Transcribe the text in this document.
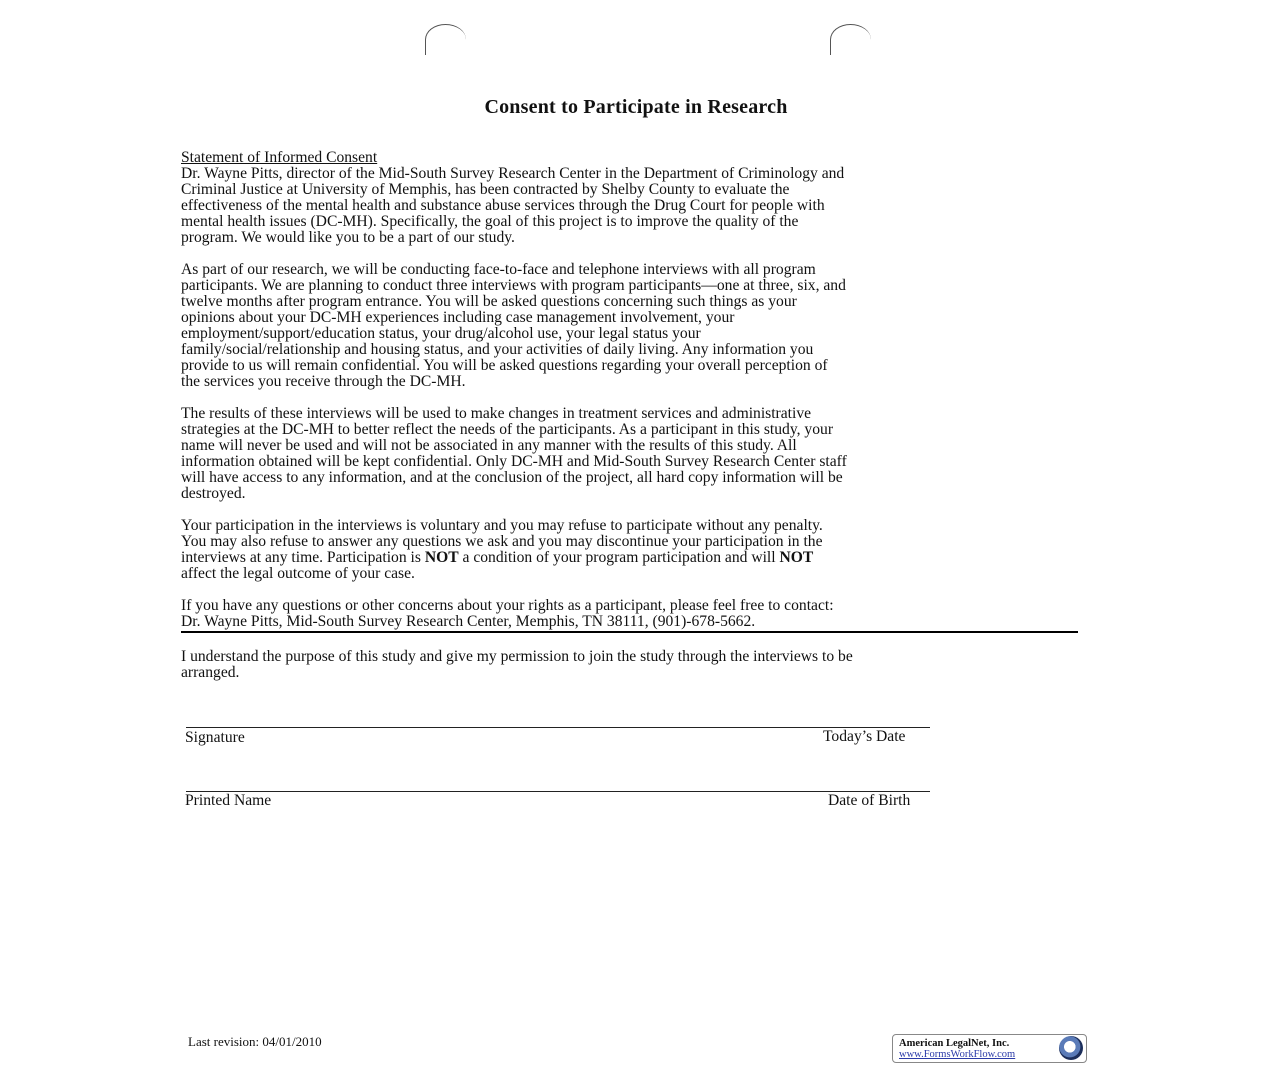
Consent to Participate in Research
Statement of Informed Consent
Dr. Wayne Pitts, director of the Mid-South Survey Research Center in the Department of Criminology and
Criminal Justice at University of Memphis, has been contracted by Shelby County to evaluate the
effectiveness of the mental health and substance abuse services through the Drug Court for people with
mental health issues (DC-MH). Specifically, the goal of this project is to improve the quality of the
program. We would like you to be a part of our study.
As part of our research, we will be conducting face-to-face and telephone interviews with all program
participants. We are planning to conduct three interviews with program participants—one at three, six, and
twelve months after program entrance. You will be asked questions concerning such things as your
opinions about your DC-MH experiences including case management involvement, your
employment/support/education status, your drug/alcohol use, your legal status your
family/social/relationship and housing status, and your activities of daily living. Any information you
provide to us will remain confidential. You will be asked questions regarding your overall perception of
the services you receive through the DC-MH.
The results of these interviews will be used to make changes in treatment services and administrative
strategies at the DC-MH to better reflect the needs of the participants. As a participant in this study, your
name will never be used and will not be associated in any manner with the results of this study. All
information obtained will be kept confidential. Only DC-MH and Mid-South Survey Research Center staff
will have access to any information, and at the conclusion of the project, all hard copy information will be
destroyed.
Your participation in the interviews is voluntary and you may refuse to participate without any penalty.
You may also refuse to answer any questions we ask and you may discontinue your participation in the
interviews at any time. Participation is NOT a condition of your program participation and will NOT
affect the legal outcome of your case.
If you have any questions or other concerns about your rights as a participant, please feel free to contact:
Dr. Wayne Pitts, Mid-South Survey Research Center, Memphis, TN 38111, (901)-678-5662.
I understand the purpose of this study and give my permission to join the study through the interviews to be
arranged.
Signature	Today’s Date
Printed Name	Date of Birth
Last revision: 04/01/2010	American LegalNet, Inc.
www.FormsWorkFlow.com
